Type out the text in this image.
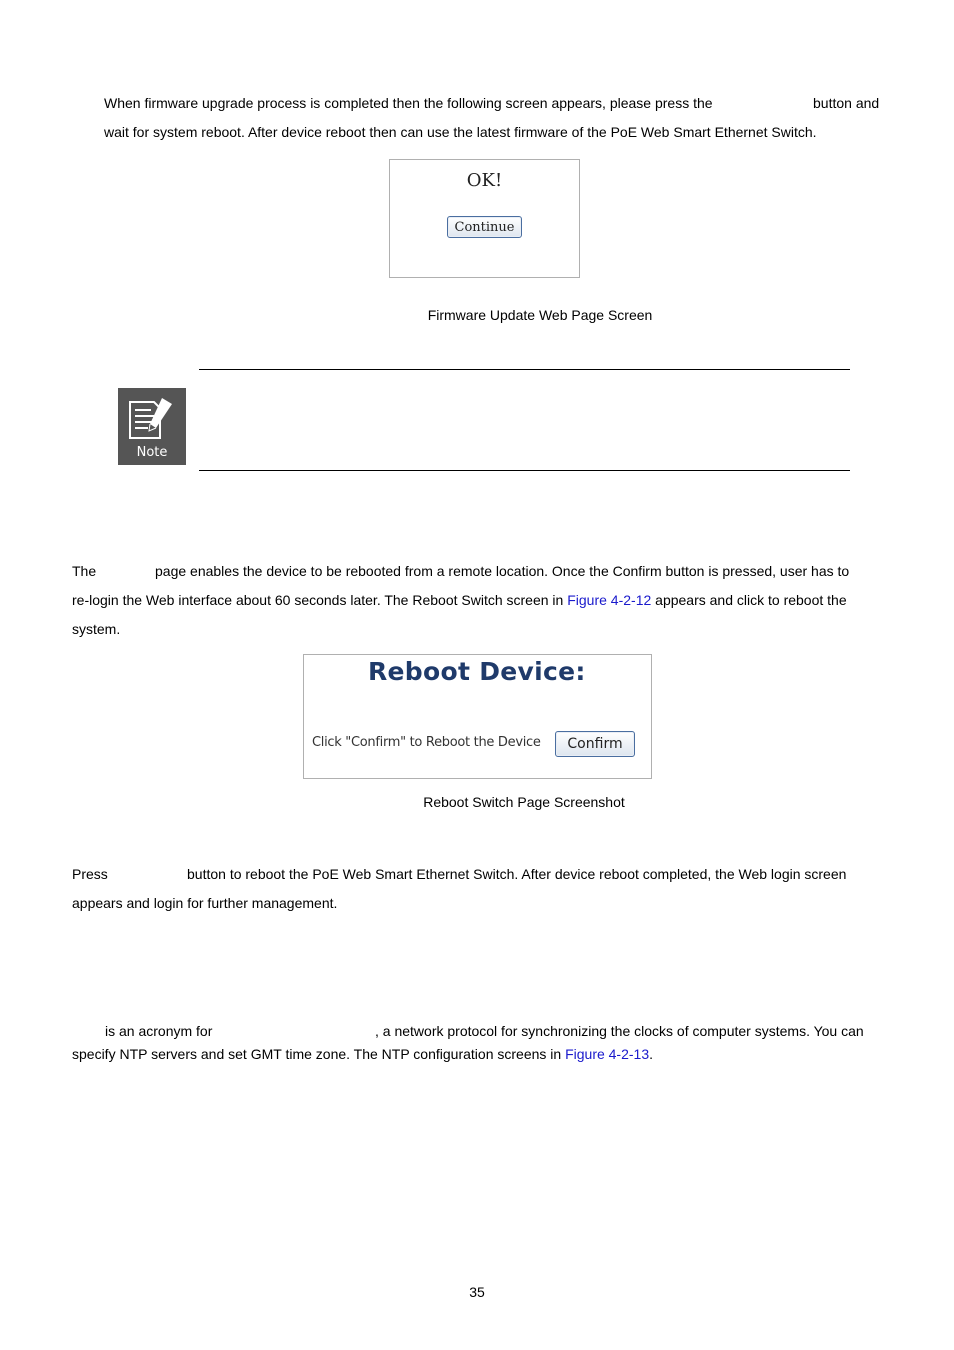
When firmware upgrade process is completed then the following screen appears, please press the	button and
wait for system reboot. After device reboot then can use the latest firmware of the PoE Web Smart Ethernet Switch.
OK!
Continue
Firmware Update Web Page Screen
Note
The	page enables the device to be rebooted from a remote location. Once the Confirm button is pressed, user has to
re-login the Web interface about 60 seconds later. The Reboot Switch screen in Figure 4-2-12 appears and click to reboot the
system.
Reboot Device:
Click "Confirm" to Reboot the Device	Confirm
Reboot Switch Page Screenshot
Press	button to reboot the PoE Web Smart Ethernet Switch. After device reboot completed, the Web login screen
appears and login for further management.
is an acronym for	, a network protocol for synchronizing the clocks of computer systems. You can
specify NTP servers and set GMT time zone. The NTP configuration screens in Figure 4-2-13.
35
